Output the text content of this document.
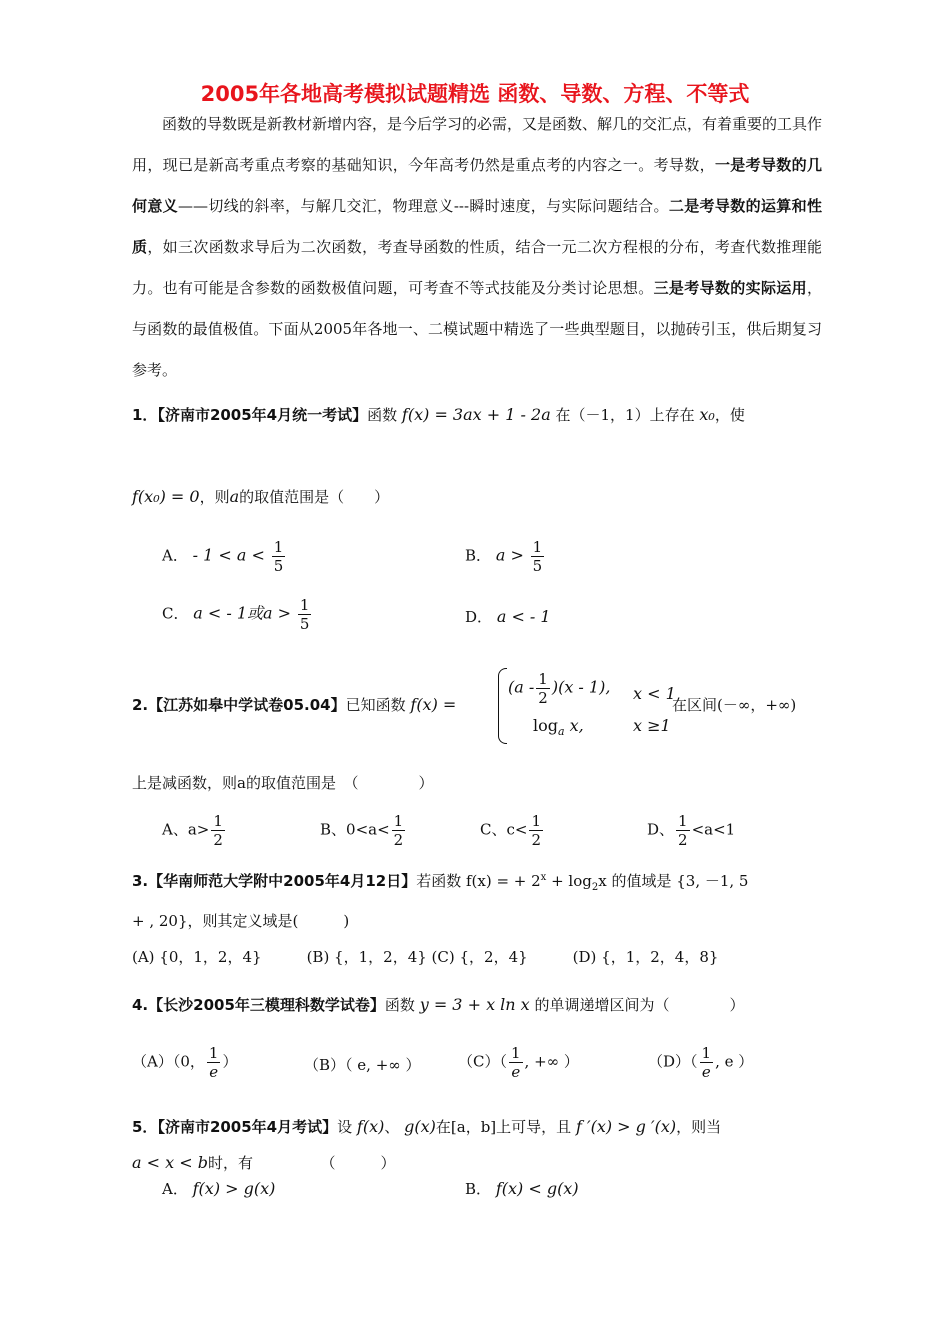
2005年各地高考模拟试题精选 函数、导数、方程、不等式

函数的导数既是新教材新增内容，是今后学习的必需，又是函数、解几的交汇点，有着重要的工具作用，现已是新高考重点考察的基础知识，今年高考仍然是重点考的内容之一。考导数，一是考导数的几何意义——切线的斜率，与解几交汇，物理意义---瞬时速度，与实际问题结合。二是考导数的运算和性质，如三次函数求导后为二次函数，考查导函数的性质，结合一元二次方程根的分布，考查代数推理能力。也有可能是含参数的函数极值问题，可考查不等式技能及分类讨论思想。三是考导数的实际运用，与函数的最值极值。下面从2005年各地一、二模试题中精选了一些典型题目，以抛砖引玉，供后期复习参考。

1．【济南市2005年4月统一考试】函数 f(x) = 3ax + 1 - 2a 在（－1，1）上存在 x₀，使
f(x₀) = 0，则a的取值范围是（　　）
A． - $1 < a < \frac{1}{5}$	B． $a > \frac{1}{5}$
C． a < - 1或$a > \frac{1}{5}$	D． a < - 1
2.【江苏如皋中学试卷05.04】已知函数 f(x) =
$(a - \frac{1}{2} )(x - 1)$, x < 1
$\log_a x$,	x ≥1
在区间(－∞，+∞)
上是减函数，则a的取值范围是　（　　　　）
A、$a> \frac{1}{2}$	B、$0<a< \frac{1}{2}$	C、$c< \frac{1}{2}$	D、 $\frac{1}{2} <a<1$
3.【华南师范大学附中2005年4月12日】若函数 f(x) = + $2^x + \log_2x$ 的值域是 {3, －1, 5
+ , 20}，则其定义域是(　　　)
(A) {0，1，2，4}　　　(B) {，1，2，4} (C) {，2，4}　　　(D) {，1，2，4，8}
4.【长沙2005年三模理科数学试卷】函数 y = 3 + x ln x 的单调递增区间为（　　　　）
（A）（0， $\frac{1}{e}$ ）	（B）（ e, +∞ ） $(C)( \frac{1}{e}$ , +∞ ）	$(D)( \frac{1}{e}$ , e ）
5．【济南市2005年4月考试】设 f(x)、 g(x)在[a，b]上可导，且 f ′(x) > g ′(x)，则当
a < x < b时，有　　　　　（　　　）
A． f(x) > g(x)	B． f(x) < g(x)
